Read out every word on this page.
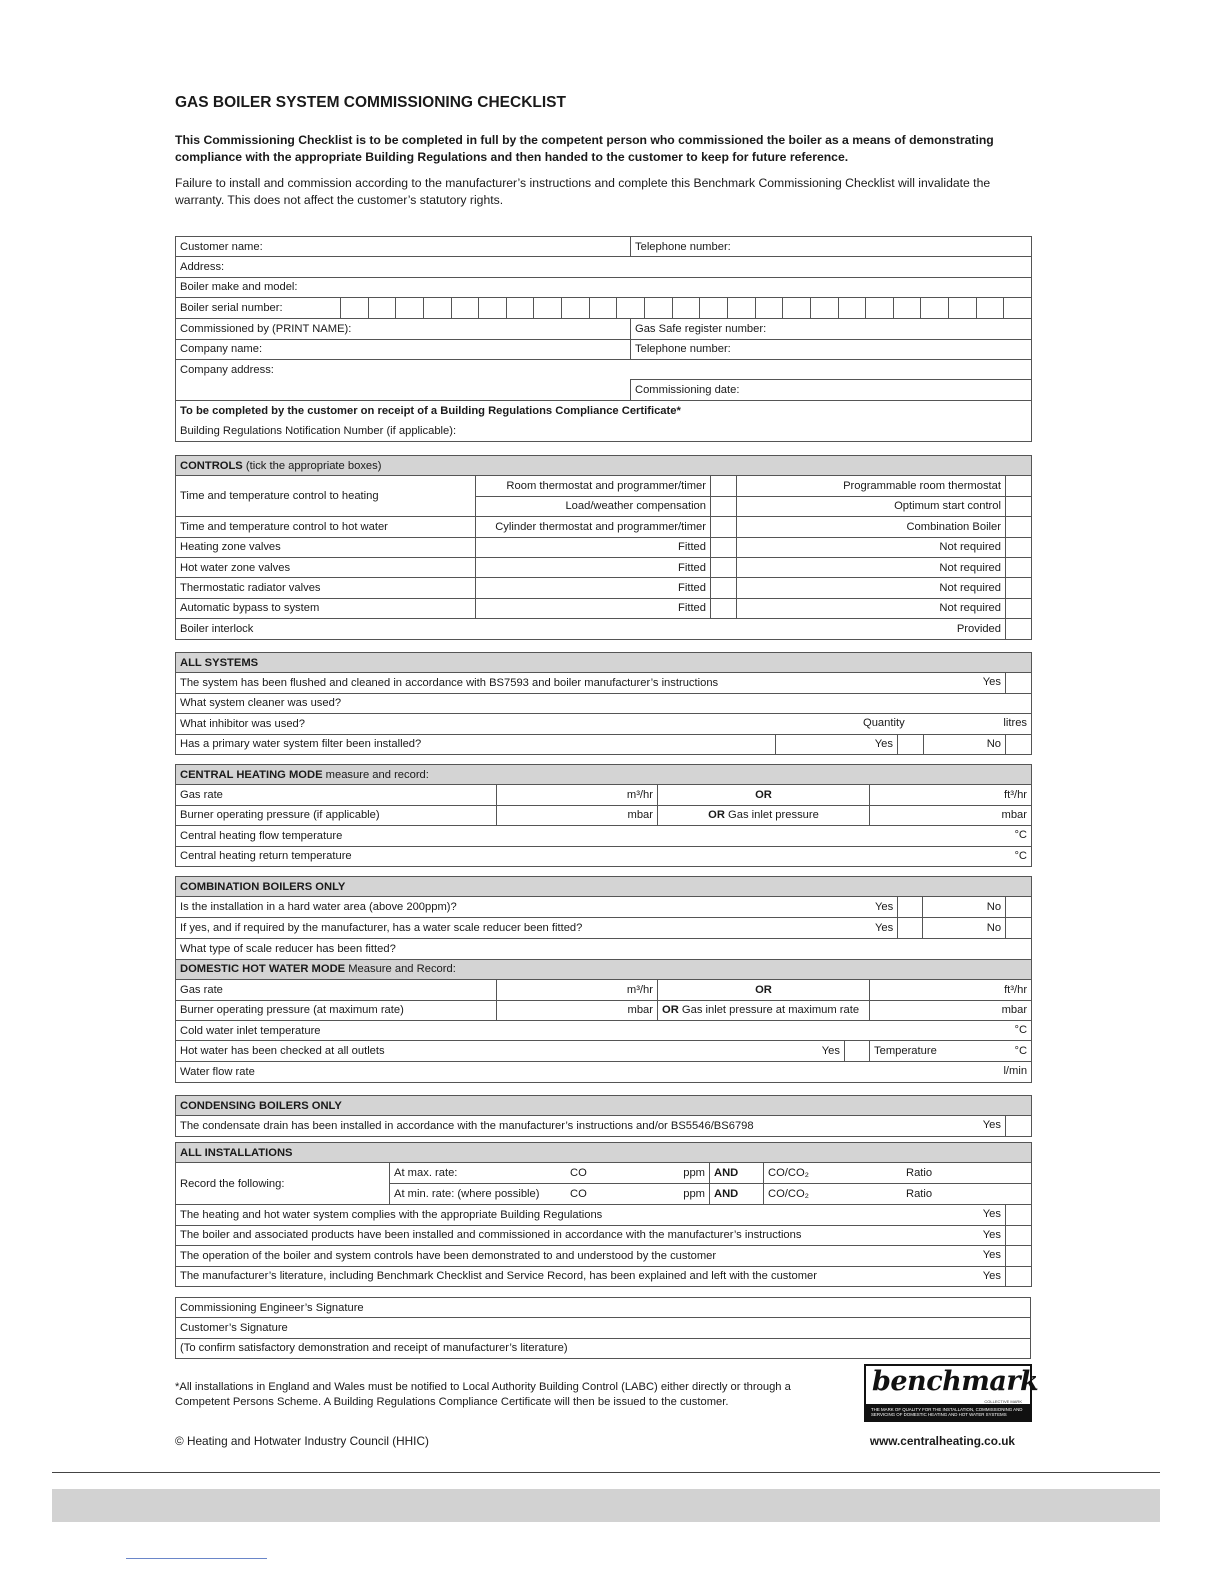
GAS BOILER SYSTEM COMMISSIONING CHECKLIST

This Commissioning Checklist is to be completed in full by the competent person who commissioned the boiler as a means of demonstrating compliance with the appropriate Building Regulations and then handed to the customer to keep for future reference.

Failure to install and commission according to the manufacturer’s instructions and complete this Benchmark Commissioning Checklist will invalidate the warranty. This does not affect the customer’s statutory rights.

Customer name:	Telephone number:
Address:	
Boiler make and model:	

Boiler serial number:	

Commissioned by (PRINT NAME):	Gas Safe register number:
Company name:	Telephone number:
Company address:	
	Commissioning date:
To be completed by the customer on receipt of a Building Regulations Compliance Certificate*	
Building Regulations Notification Number (if applicable):	
CONTROLS (tick the appropriate boxes)				
Time and temperature control to heating	Room thermostat and programmer/timer		Programmable room thermostat	
	Load/weather compensation		Optimum start control	
Time and temperature control to hot water	Cylinder thermostat and programmer/timer		Combination Boiler	
Heating zone valves	Fitted		Not required	
Hot water zone valves	Fitted		Not required	
Thermostatic radiator valves	Fitted		Not required	
Automatic bypass to system	Fitted		Not required	
Boiler interlock	Provided			
ALL SYSTEMS				
The system has been flushed and cleaned in accordance with BS7593 and boiler manufacturer’s instructions Yes				

What system cleaner was used?				
What inhibitor was used? Quantity litres				

Has a primary water system filter been installed?	Yes		No	
CENTRAL HEATING MODE measure and record:			
Gas rate	m³/hr	OR	ft³/hr
Burner operating pressure (if applicable)	mbar	OR Gas inlet pressure	mbar
Central heating flow temperature °C			

Central heating return temperature °C			
COMBINATION BOILERS ONLY			

Is the installation in a hard water area (above 200ppm)? Yes No			

If yes, and if required by the manufacturer, has a water scale reducer been fitted? Yes No			

What type of scale reducer has been fitted?			
DOMESTIC HOT WATER MODE Measure and Record:			
Gas rate	m³/hr	OR	ft³/hr
Burner operating pressure (at maximum rate)	mbar	OR Gas inlet pressure at maximum rate	mbar
Cold water inlet temperature °C			

Hot water has been checked at all outlets Yes Temperature °C			

Water flow rate l/min			
CONDENSING BOILERS ONLY
The condensate drain has been installed in accordance with the manufacturer’s instructions and/or BS5546/BS6798	Yes

ALL INSTALLATIONS				
Record the following:	At max. rate: CO ppm	AND	CO/CO₂ Ratio	

	At min. rate: (where possible) CO ppm	AND	CO/CO₂ Ratio	

The heating and hot water system complies with the appropriate Building Regulations Yes				

The boiler and associated products have been installed and commissioned in accordance with the manufacturer’s instructions Yes				

The operation of the boiler and system controls have been demonstrated to and understood by the customer Yes				

The manufacturer’s literature, including Benchmark Checklist and Service Record, has been explained and left with the customer Yes				

Commissioning Engineer’s Signature
Customer’s Signature
(To confirm satisfactory demonstration and receipt of manufacturer’s literature)

*All installations in England and Wales must be notified to Local Authority Building Control (LABC) either directly or through a Competent Persons Scheme. A Building Regulations Compliance Certificate will then be issued to the customer.

benchmark
COLLECTIVE MARK
THE MARK OF QUALITY FOR THE INSTALLATION, COMMISSIONING AND SERVICING OF DOMESTIC HEATING AND HOT WATER SYSTEMS

© Heating and Hotwater Industry Council (HHIC)	www.centralheating.co.uk
